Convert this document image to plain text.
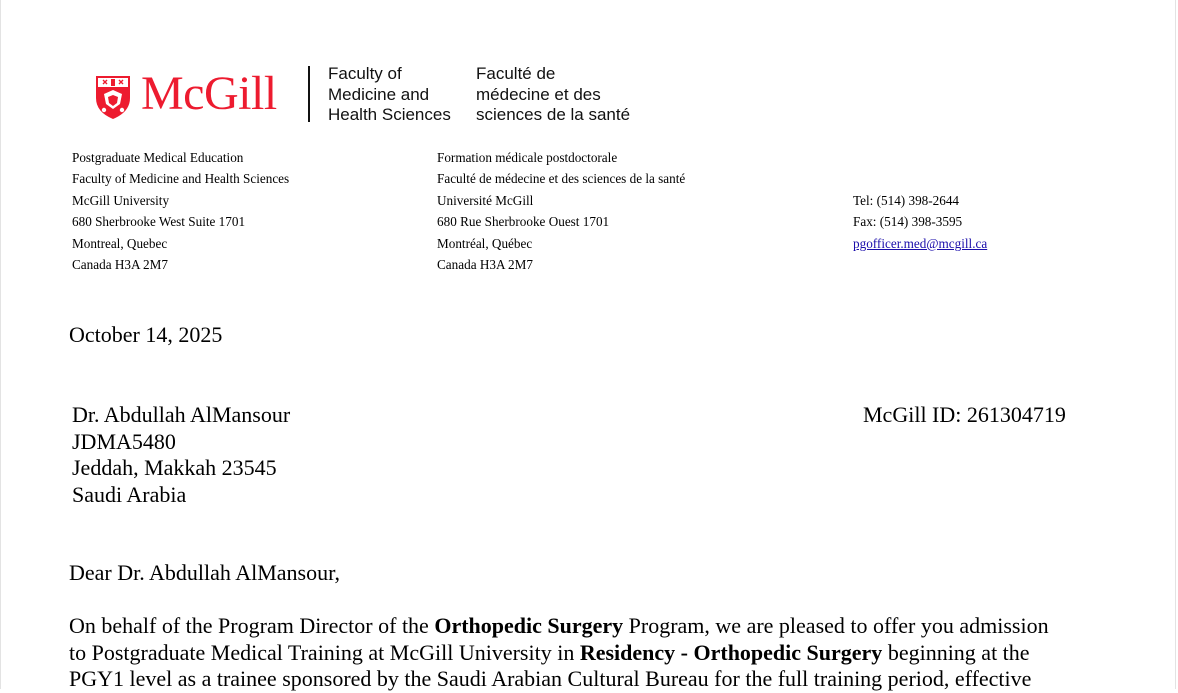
McGill	Faculty of
Medicine and
Health Sciences
Faculté de
médecine et des
sciences de la santé
Postgraduate Medical Education
Faculty of Medicine and Health Sciences
McGill University
680 Sherbrooke West Suite 1701
Montreal, Quebec
Canada H3A 2M7
Formation médicale postdoctorale
Faculté de médecine et des sciences de la santé
Université McGill
680 Rue Sherbrooke Ouest 1701
Montréal, Québec
Canada H3A 2M7
Tel: (514) 398-2644
Fax: (514) 398-3595
pgofficer.med@mcgill.ca
October 14, 2025
Dr. Abdullah AlMansour
JDMA5480
Jeddah, Makkah 23545
Saudi Arabia
McGill ID: 261304719
Dear Dr. Abdullah AlMansour,
On behalf of the Program Director of the Orthopedic Surgery Program, we are pleased to offer you admission
to Postgraduate Medical Training at McGill University in Residency - Orthopedic Surgery beginning at the
PGY1 level as a trainee sponsored by the Saudi Arabian Cultural Bureau for the full training period, effective
